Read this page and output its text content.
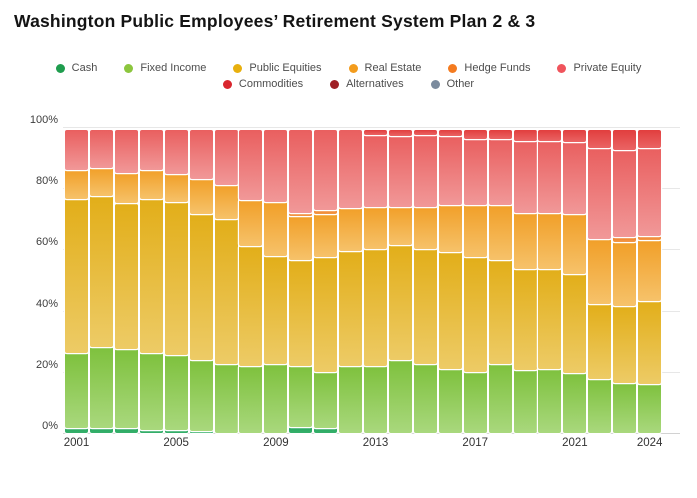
Washington Public Employees’ Retirement System Plan 2 & 3
Cash	Fixed Income	Public Equities	Real Estate	Hedge Funds	Private Equity
Commodities	Alternatives	Other
0%
20%
40%
60%
80%
100%
2001	2005	2009	2013	2017	2021	2024
